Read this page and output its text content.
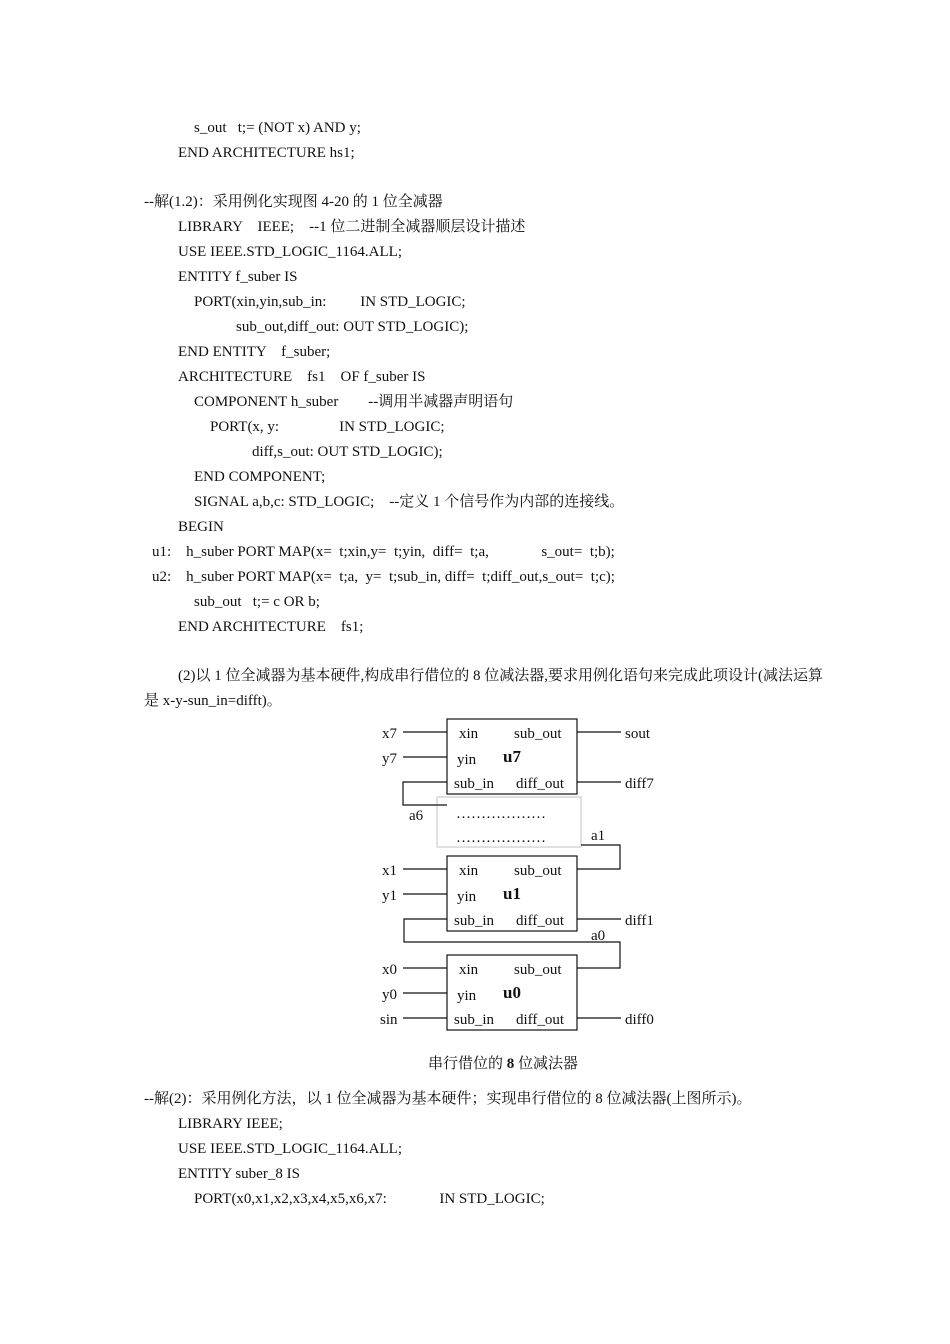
s_out   t;= (NOT x) AND y;
END ARCHITECTURE hs1;
--解(1.2)：采用例化实现图 4-20 的 1 位全减器
LIBRARY    IEEE;    --1 位二进制全减器顺层设计描述
USE IEEE.STD_LOGIC_1164.ALL;
ENTITY f_suber IS
PORT(xin,yin,sub_in:         IN STD_LOGIC;
sub_out,diff_out: OUT STD_LOGIC);
END ENTITY    f_suber;
ARCHITECTURE    fs1    OF f_suber IS
COMPONENT h_suber        --调用半减器声明语句
PORT(x, y:                IN STD_LOGIC;
diff,s_out: OUT STD_LOGIC);
END COMPONENT;
SIGNAL a,b,c: STD_LOGIC;    --定义 1 个信号作为内部的连接线。
BEGIN
u1:    h_suber PORT MAP(x=  t;xin,y=  t;yin,  diff=  t;a,              s_out=  t;b);
u2:    h_suber PORT MAP(x=  t;a,  y=  t;sub_in, diff=  t;diff_out,s_out=  t;c);
sub_out   t;= c OR b;
END ARCHITECTURE    fs1;
(2)以 1 位全减器为基本硬件,构成串行借位的 8 位减法器,要求用例化语句来完成此项设计(减法运算
是 x-y-sun_in=difft)。
xin sub_out
yin u7
sub_in diff_out
x7
y7
sout
diff7
a6
a1
a0
………………
………………
xin sub_out
yin u1
sub_in diff_out
x1
y1
diff1
xin sub_out
yin u0
sub_in diff_out
x0
y0
sin	diff0
串行借位的 8 位减法器
--解(2)：采用例化方法，以 1 位全减器为基本硬件；实现串行借位的 8 位减法器(上图所示)。
LIBRARY IEEE;
USE IEEE.STD_LOGIC_1164.ALL;
ENTITY suber_8 IS
PORT(x0,x1,x2,x3,x4,x5,x6,x7:              IN STD_LOGIC;
